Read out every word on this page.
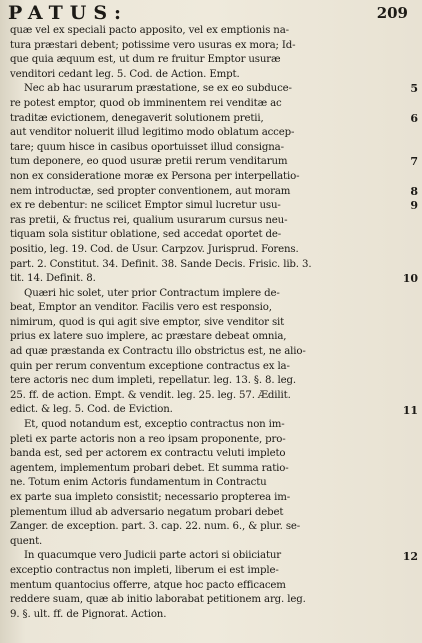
PATUS:	209
quæ vel ex speciali pacto apposito, vel ex emptionis na-
tura præstari debent; potissime vero usuras ex mora; Id-
que quia æquum est, ut dum re fruitur Emptor usuræ
venditori cedant leg. 5. Cod. de Action. Empt.
Nec ab hac usurarum præstatione, se ex eo subduce-
re potest emptor, quod ob imminentem rei venditæ ac
traditæ evictionem, denegaverit solutionem pretii,
aut venditor noluerit illud legitimo modo oblatum accep-
tare; quum hisce in casibus oportuisset illud consigna-
tum deponere, eo quod usuræ pretii rerum venditarum
non ex consideratione moræ ex Persona per interpellatio-
nem introductæ, sed propter conventionem, aut moram
ex re debentur: ne scilicet Emptor simul lucretur usu-
ras pretii, & fructus rei, qualium usurarum cursus neu-
tiquam sola sistitur oblatione, sed accedat oportet de-
positio, leg. 19. Cod. de Usur. Carpzov. Jurisprud. Forens.
part. 2. Constitut. 34. Definit. 38. Sande Decis. Frisic. lib. 3.
tit. 14. Definit. 8.
Quæri hic solet, uter prior Contractum implere de-
beat, Emptor an venditor. Facilis vero est responsio,
nimirum, quod is qui agit sive emptor, sive venditor sit
prius ex latere suo implere, ac præstare debeat omnia,
ad quæ præstanda ex Contractu illo obstrictus est, ne alio-
quin per rerum conventum exceptione contractus ex la-
tere actoris nec dum impleti, repellatur. leg. 13. §. 8. leg.
25. ff. de action. Empt. & vendit. leg. 25. leg. 57. Ædilit.
edict. & leg. 5. Cod. de Eviction.
Et, quod notandum est, exceptio contractus non im-
pleti ex parte actoris non a reo ipsam proponente, pro-
banda est, sed per actorem ex contractu veluti impleto
agentem, implementum probari debet. Et summa ratio-
ne. Totum enim Actoris fundamentum in Contractu
ex parte sua impleto consistit; necessario propterea im-
plementum illud ab adversario negatum probari debet
Zanger. de exception. part. 3. cap. 22. num. 6., & plur. se-
quent.
In quacumque vero Judicii parte actori si obiiciatur
exceptio contractus non impleti, liberum ei est imple-
mentum quantocius offerre, atque hoc pacto efficacem
reddere suam, quæ ab initio laborabat petitionem arg. leg.
9. §. ult. ff. de Pignorat. Action.
5
6
7
8
9
10
11
12
